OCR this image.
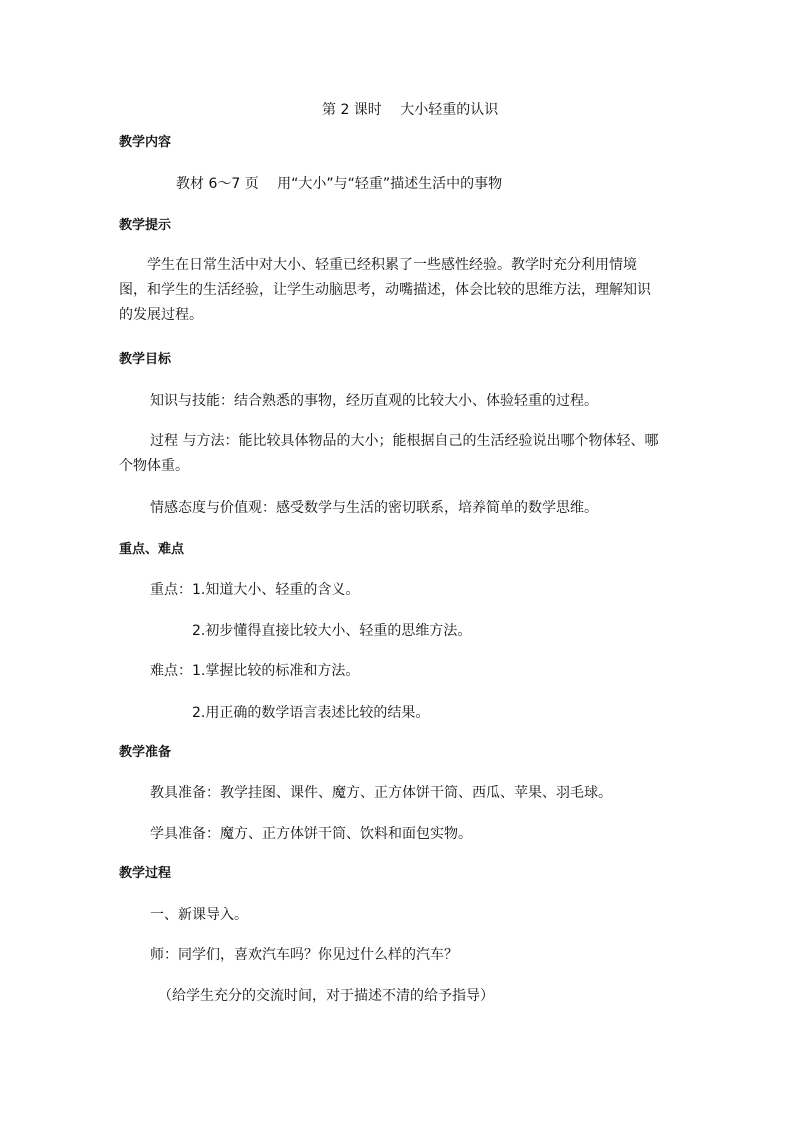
第 2 课时　 大小轻重的认识
教学内容
教材 6～7 页　 用“大小”与“轻重”描述生活中的事物
教学提示
学生在日常生活中对大小、轻重已经积累了一些感性经验。教学时充分利用情境图，和学生的生活经验，让学生动脑思考，动嘴描述，体会比较的思维方法，理解知识的发展过程。
教学目标
知识与技能：结合熟悉的事物，经历直观的比较大小、体验轻重的过程。
过程 与方法：能比较具体物品的大小；能根据自己的生活经验说出哪个物体轻、哪个物体重。
情感态度与价值观：感受数学与生活的密切联系，培养简单的数学思维。
重点、难点
重点：1.知道大小、轻重的含义。
2.初步懂得直接比较大小、轻重的思维方法。
难点：1.掌握比较的标准和方法。
2.用正确的数学语言表述比较的结果。
教学准备
教具准备：教学挂图、课件、魔方、正方体饼干筒、西瓜、苹果、羽毛球。
学具准备：魔方、正方体饼干筒、饮料和面包实物。
教学过程
一、新课导入。
师：同学们，喜欢汽车吗？你见过什么样的汽车？
（给学生充分的交流时间，对于描述不清的给予指导）
